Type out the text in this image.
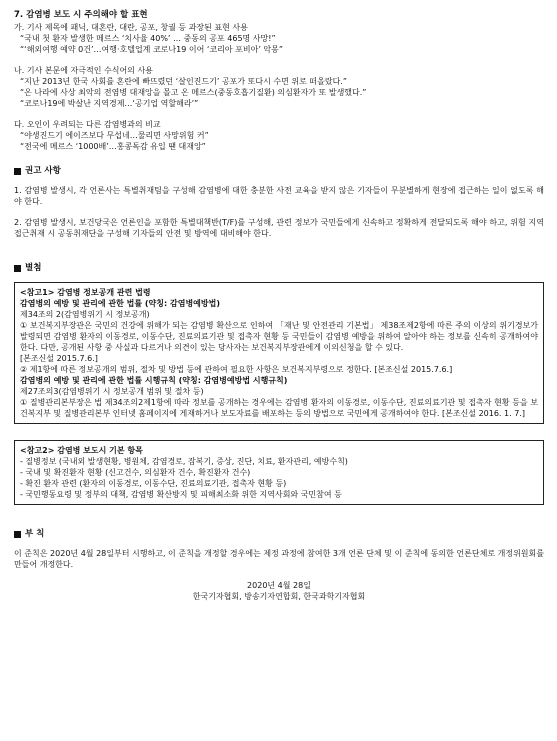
7. 감염병 보도 시 주의해야 할 표현

가. 기사 제목에 패닉, 대혼란, 대란, 공포, 창궐 등 과장된 표현 사용

“국내 첫 환자 발생한 메르스 ‘치사율 40%’ … 중동의 공포 465명 사망!”

“‘해외여행 예약 0건’…여행·호텔업계 코로나19 이어 ‘코리아 포비아’ 악몽”

나. 기사 본문에 자극적인 수식어의 사용

“지난 2013년 한국 사회를 혼란에 빠뜨렸던 ‘살인진드기’ 공포가 또다시 수면 위로 떠올랐다.”

“온 나라에 사상 최악의 전염병 대재앙을 몰고 온 메르스(중동호흡기질환) 의심환자가 또 발생했다.”

“코로나19에 박살난 지역경제…‘공기업 역할해라’”

다. 오인이 우려되는 다른 감염병과의 비교

“야생진드기 에이즈보다 무섭네…물리면 사망위험 커”

“전국에 메르스 ‘1000배’…홍콩독감 유입 땐 대재앙”

권고 사항

1. 감염병 발생시, 각 언론사는 특별취재팀을 구성해 감염병에 대한 충분한 사전 교육을 받지 않은 기자들이 무분별하게 현장에 접근하는 일이 없도록 해야 한다.

2. 감염병 발생시, 보건당국은 언론인을 포함한 특별대책반(T/F)를 구성해, 관련 정보가 국민들에게 신속하고 정확하게 전달되도록 해야 하고, 위험 지역 접근취재 시 공동취재단을 구성해 기자들의 안전 및 방역에 대비해야 한다.

별첨
<참고1> 감염병 정보공개 관련 법령
감염병의 예방 및 관리에 관한 법률 (약칭: 감염병예방법)
제34조의 2(감염병위기 시 정보공개)
① 보건복지부장관은 국민의 건강에 위해가 되는 감염병 확산으로 인하여 「재난 및 안전관리 기본법」 제38조제2항에 따른 주의 이상의 위기경보가 발령되면 감염병 환자의 이동경로, 이동수단, 진료의료기관 및 접촉자 현황 등 국민들이 감염병 예방을 위하여 알아야 하는 정보를 신속히 공개하여야 한다. 다만, 공개된 사항 중 사실과 다르거나 의견이 있는 당사자는 보건복지부장관에게 이의신청을 할 수 있다.
[본조신설 2015.7.6.]
② 제1항에 따른 정보공개의 범위, 절차 및 방법 등에 관하여 필요한 사항은 보건복지부령으로 정한다. [본조신설 2015.7.6.]
감염병의 예방 및 관리에 관한 법률 시행규칙 (약칭: 감염병예방법 시행규칙)
제27조의3(감염병위기 시 정보공개 범위 및 절차 등)
① 질병관리본부장은 법 제34조의2제1항에 따라 정보를 공개하는 경우에는 감염병 환자의 이동경로, 이동수단, 진료의료기관 및 접촉자 현황 등을 보건복지부 및 질병관리본부 인터넷 홈페이지에 게재하거나 보도자료를 배포하는 등의 방법으로 국민에게 공개하여야 한다. [본조신설 2016. 1. 7.]
<참고2> 감염병 보도시 기본 항목
- 질병정보 (국내외 발생현황, 병원체, 감염경로, 잠복기, 증상, 진단, 치료, 환자관리, 예방수칙)
- 국내 및 확진환자 현황 (신고건수, 의심환자 건수, 확진환자 건수)
- 확진 환자 관련 (환자의 이동경로, 이동수단, 진료의료기관, 접촉자 현황 등)
- 국민행동요령 및 정부의 대책, 감염병 확산방지 및 피해최소화 위한 지역사회와 국민참여 등
부 칙

이 준칙은 2020년 4월 28일부터 시행하고, 이 준칙을 개정할 경우에는 제정 과정에 참여한 3개 언론 단체 및 이 준칙에 동의한 언론단체로 개정위원회를 만들어 개정한다.

2020년 4월 28일
한국기자협회, 방송기자연합회, 한국과학기자협회
